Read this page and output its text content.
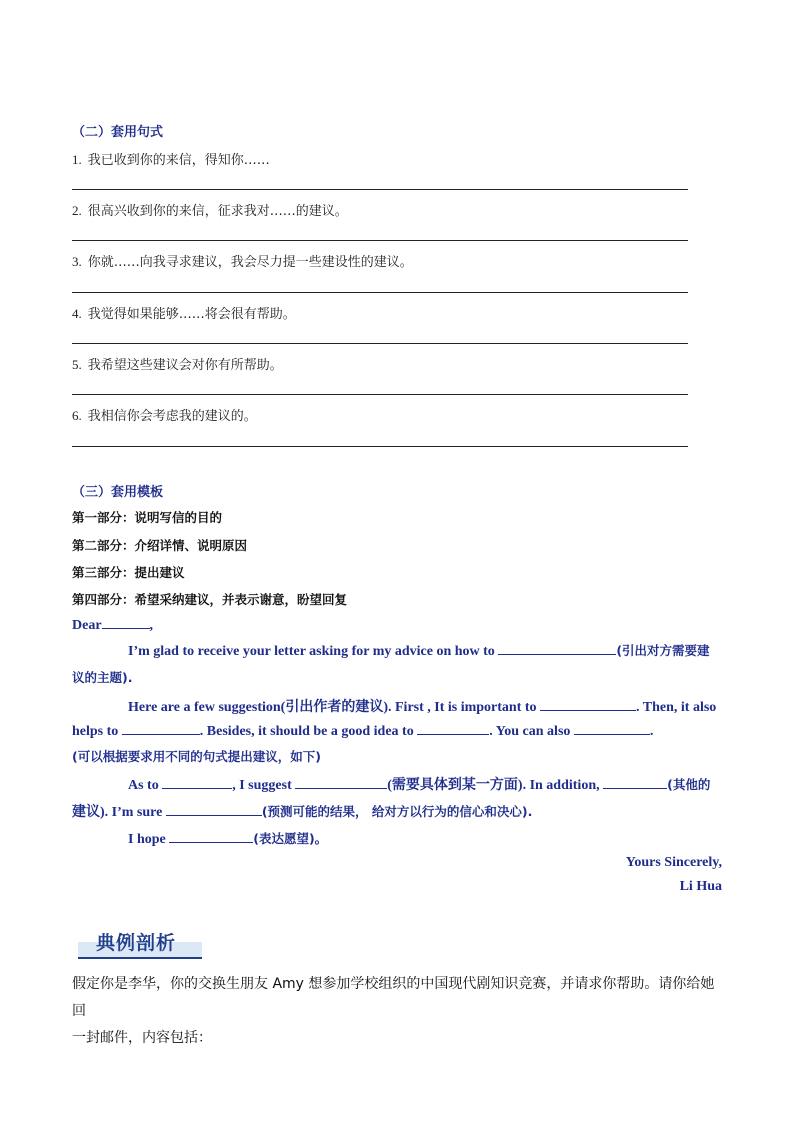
（二）套用句式
1. 我已收到你的来信，得知你……
2. 很高兴收到你的来信，征求我对……的建议。
3. 你就……向我寻求建议，我会尽力提一些建设性的建议。
4. 我觉得如果能够……将会很有帮助。
5. 我希望这些建议会对你有所帮助。
6. 我相信你会考虑我的建议的。
（三）套用模板
第一部分：说明写信的目的
第二部分：介绍详情、说明原因
第三部分：提出建议
第四部分：希望采纳建议，并表示谢意，盼望回复
Dear	,
I’m glad to receive your letter asking for my advice on how to	(引出对方需要建
议的主题).
Here are a few suggestion(引出作者的建议). First , It is important to	. Then, it also
helps to	. Besides, it should be a good idea to	. You can also	.
(可以根据要求用不同的句式提出建议，如下)
As to	, I suggest	(需要具体到某一方面). In addition,	(其他的
建议). I’m sure	(预测可能的结果， 给对方以行为的信心和决心).
I hope	(表达愿望)。
Yours Sincerely,
Li Hua
典例剖析
假定你是李华，你的交换生朋友 Amy 想参加学校组织的中国现代剧知识竞赛，并请求你帮助。请你给她回
一封邮件，内容包括：
